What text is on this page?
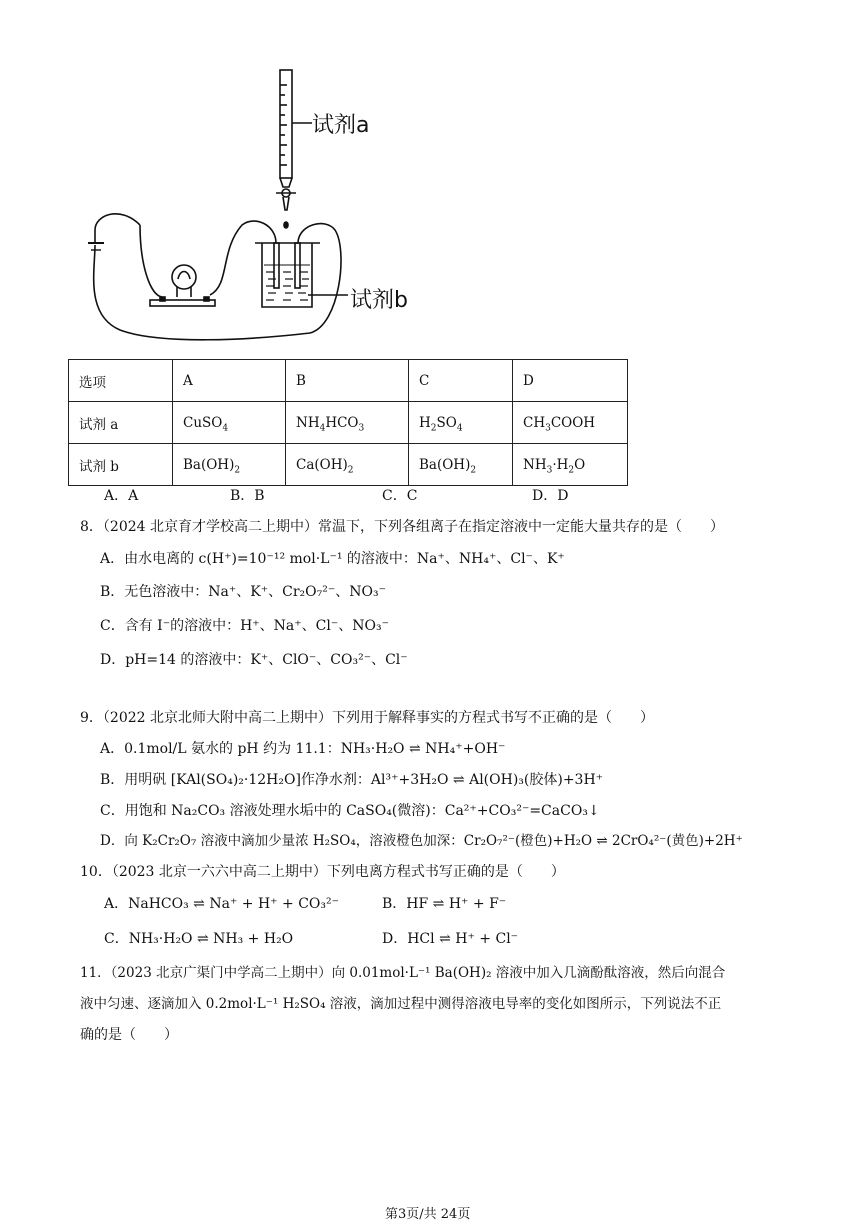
试剂a
试剂b
选项	A	B	C	D
试剂 a	CuSO$_4$	$NH_4HCO_3$	$H_2SO_4$	$CH_3COOH$
试剂 b	$Ba(OH)_2$	$Ca(OH)_2$	$Ba(OH)_2$	$NH_3\cdot H_2O$
A．A	B．B	C．C	D．D
8．（2024 北京育才学校高二上期中）常温下，下列各组离子在指定溶液中一定能大量共存的是（　　）
A．由水电离的 c(H⁺)=10⁻¹² mol·L⁻¹ 的溶液中：Na⁺、NH₄⁺、Cl⁻、K⁺
B．无色溶液中：Na⁺、K⁺、Cr₂O₇²⁻、NO₃⁻
C．含有 I⁻的溶液中：H⁺、Na⁺、Cl⁻、NO₃⁻
D．pH=14 的溶液中：K⁺、ClO⁻、CO₃²⁻、Cl⁻
9．（2022 北京北师大附中高二上期中）下列用于解释事实的方程式书写不正确的是（　　）
A．0.1mol/L 氨水的 pH 约为 11.1：NH₃·H₂O ⇌ NH₄⁺+OH⁻
B．用明矾 [KAl(SO₄)₂·12H₂O]作净水剂：Al³⁺+3H₂O ⇌ Al(OH)₃(胶体)+3H⁺
C．用饱和 Na₂CO₃ 溶液处理水垢中的 CaSO₄(微溶)：Ca²⁺+CO₃²⁻=CaCO₃↓
D．向 K₂Cr₂O₇ 溶液中滴加少量浓 H₂SO₄，溶液橙色加深：Cr₂O₇²⁻(橙色)+H₂O ⇌ 2CrO₄²⁻(黄色)+2H⁺
10．（2023 北京一六六中高二上期中）下列电离方程式书写正确的是（　　）
A．NaHCO₃ ⇌ Na⁺ + H⁺ + CO₃²⁻	B．HF ⇌ H⁺ + F⁻
C．NH₃·H₂O ⇌ NH₃ + H₂O	D．HCl ⇌ H⁺ + Cl⁻
11．（2023 北京广渠门中学高二上期中）向 0.01mol·L⁻¹ Ba(OH)₂ 溶液中加入几滴酚酞溶液，然后向混合
液中匀速、逐滴加入 0.2mol·L⁻¹ H₂SO₄ 溶液，滴加过程中测得溶液电导率的变化如图所示，下列说法不正
确的是（　　）
第3页/共 24页
